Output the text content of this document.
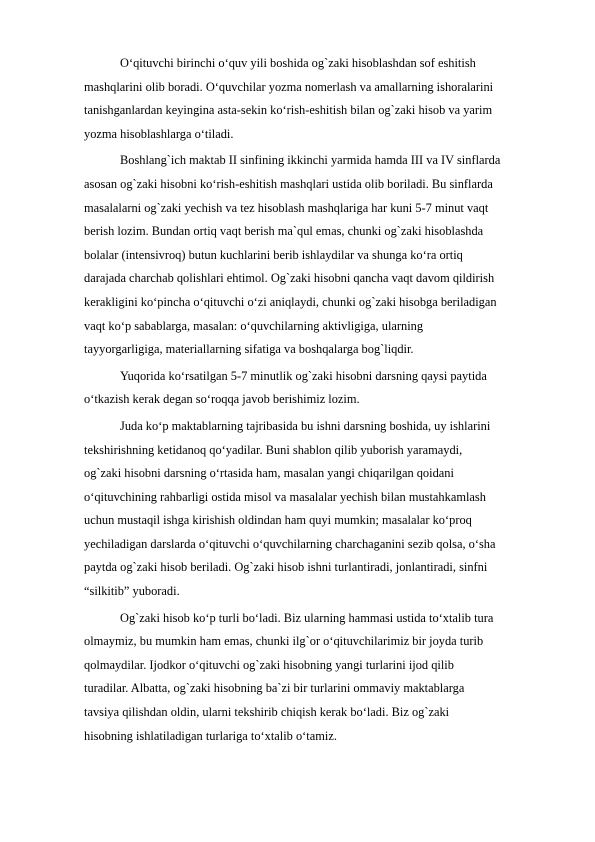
O‘qituvchi birinchi o‘quv yili boshida og`zaki hisoblashdan sof eshitish
mashqlarini olib boradi. O‘quvchilar yozma nomerlash va amallarning ishoralarini
tanishganlardan keyingina asta-sekin ko‘rish-eshitish bilan og`zaki hisob va yarim
yozma hisoblashlarga o‘tiladi.
Boshlang`ich maktab II sinfining ikkinchi yarmida hamda III va IV sinflarda
asosan og`zaki hisobni ko‘rish-eshitish mashqlari ustida olib boriladi. Bu sinflarda
masalalarni og`zaki yechish va tez hisoblash mashqlariga har kuni 5-7 minut vaqt
berish lozim. Bundan ortiq vaqt berish ma`qul emas, chunki og`zaki hisoblashda
bolalar (intensivroq) butun kuchlarini berib ishlaydilar va shunga ko‘ra ortiq
darajada charchab qolishlari ehtimol. Og`zaki hisobni qancha vaqt davom qildirish
kerakligini ko‘pincha o‘qituvchi o‘zi aniqlaydi, chunki og`zaki hisobga beriladigan
vaqt ko‘p sabablarga, masalan: o‘quvchilarning aktivligiga, ularning
tayyorgarligiga, materiallarning sifatiga va boshqalarga bog`liqdir.
Yuqorida ko‘rsatilgan 5-7 minutlik og`zaki hisobni darsning qaysi paytida
o‘tkazish kerak degan so‘roqqa javob berishimiz lozim.
Juda ko‘p maktablarning tajribasida bu ishni darsning boshida, uy ishlarini
tekshirishning ketidanoq qo‘yadilar. Buni shablon qilib yuborish yaramaydi,
og`zaki hisobni darsning o‘rtasida ham, masalan yangi chiqarilgan qoidani
o‘qituvchining rahbarligi ostida misol va masalalar yechish bilan mustahkamlash
uchun mustaqil ishga kirishish oldindan ham quyi mumkin; masalalar ko‘proq
yechiladigan darslarda o‘qituvchi o‘quvchilarning charchaganini sezib qolsa, o‘sha
paytda og`zaki hisob beriladi. Og`zaki hisob ishni turlantiradi, jonlantiradi, sinfni
“silkitib” yuboradi.
Og`zaki hisob ko‘p turli bo‘ladi. Biz ularning hammasi ustida to‘xtalib tura
olmaymiz, bu mumkin ham emas, chunki ilg`or o‘qituvchilarimiz bir joyda turib
qolmaydilar. Ijodkor o‘qituvchi og`zaki hisobning yangi turlarini ijod qilib
turadilar. Albatta, og`zaki hisobning ba`zi bir turlarini ommaviy maktablarga
tavsiya qilishdan oldin, ularni tekshirib chiqish kerak bo‘ladi. Biz og`zaki
hisobning ishlatiladigan turlariga to‘xtalib o‘tamiz.
